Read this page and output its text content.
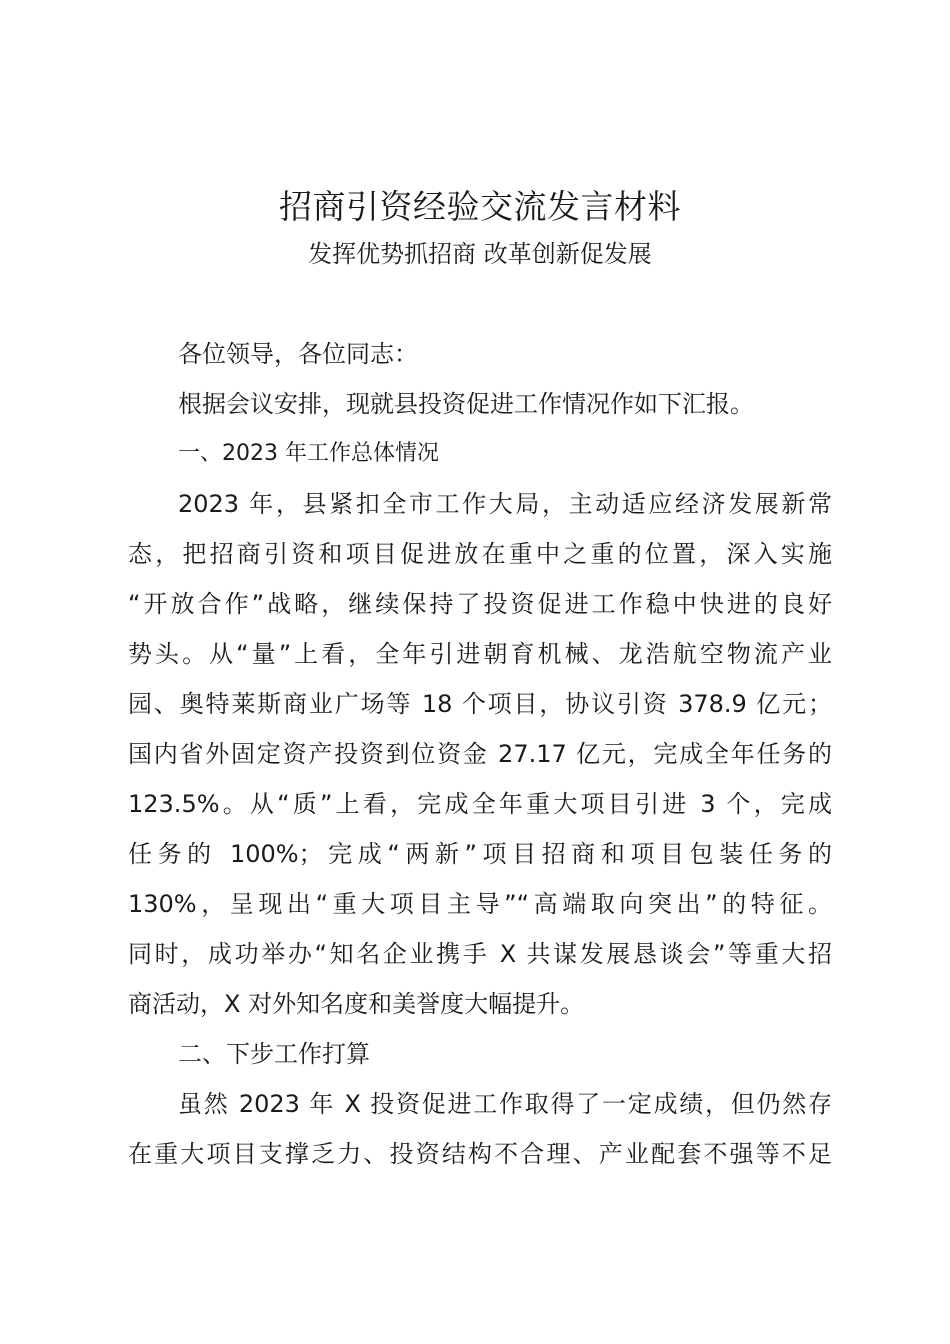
招商引资经验交流发言材料
发挥优势抓招商 改革创新促发展

各位领导，各位同志：

根据会议安排，现就县投资促进工作情况作如下汇报。

一、2023 年工作总体情况

2023 年，县紧扣全市工作大局，主动适应经济发展新常

态，把招商引资和项目促进放在重中之重的位置，深入实施

“开放合作”战略，继续保持了投资促进工作稳中快进的良好

势头。从“量”上看，全年引进朝育机械、龙浩航空物流产业

园、奥特莱斯商业广场等 18 个项目，协议引资 378.9 亿元；

国内省外固定资产投资到位资金 27.17 亿元，完成全年任务的

123.5%。从“质”上看，完成全年重大项目引进 3 个，完成

任务的 100%；完成“两新”项目招商和项目包装任务的

130%，呈现出“重大项目主导”“高端取向突出”的特征。

同时，成功举办“知名企业携手 X 共谋发展恳谈会”等重大招

商活动，X 对外知名度和美誉度大幅提升。

二、下步工作打算

虽然 2023 年 X 投资促进工作取得了一定成绩，但仍然存

在重大项目支撑乏力、投资结构不合理、产业配套不强等不足
